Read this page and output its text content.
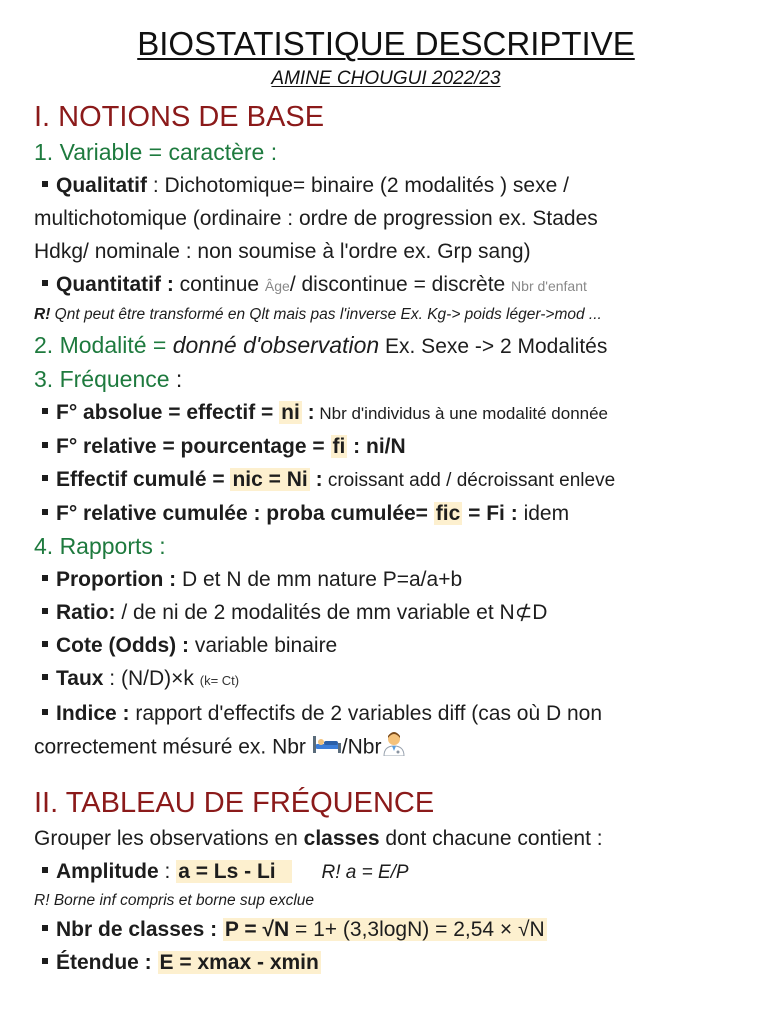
BIOSTATISTIQUE DESCRIPTIVE
AMINE CHOUGUI 2022/23
I. NOTIONS DE BASE
1. Variable = caractère :
Qualitatif : Dichotomique= binaire (2 modalités ) sexe /
multichotomique (ordinaire : ordre de progression ex. Stades
Hdkg/ nominale : non soumise à l'ordre ex. Grp sang)
Quantitatif : continue Âge/ discontinue = discrète Nbr d'enfant
R! Qnt peut être transformé en Qlt mais pas l'inverse Ex. Kg-> poids léger->mod ...
2. Modalité = donné d'observation Ex. Sexe -> 2 Modalités
3. Fréquence :
F° absolue = effectif = ni : Nbr d'individus à une modalité donnée
F° relative = pourcentage = fi : ni/N
Effectif cumulé = nic = Ni : croissant add / décroissant enleve
F° relative cumulée : proba cumulée= fic = Fi : idem
4. Rapports :
Proportion : D et N de mm nature P=a/a+b
Ratio: / de ni de 2 modalités de mm variable et N⊄D
Cote (Odds) : variable binaire
Taux : (N/D)×k (k= Ct)
Indice : rapport d'effectifs de 2 variables diff (cas où D non
correctement mésuré ex. Nbr /Nbr
II. TABLEAU DE FRÉQUENCE
Grouper les observations en classes dont chacune contient :
Amplitude : a = Ls - Li R! a = E/P
R! Borne inf compris et borne sup exclue
Nbr de classes : P = √N = 1+ (3,3logN) = 2,54 × √N
Étendue : E = xmax - xmin
